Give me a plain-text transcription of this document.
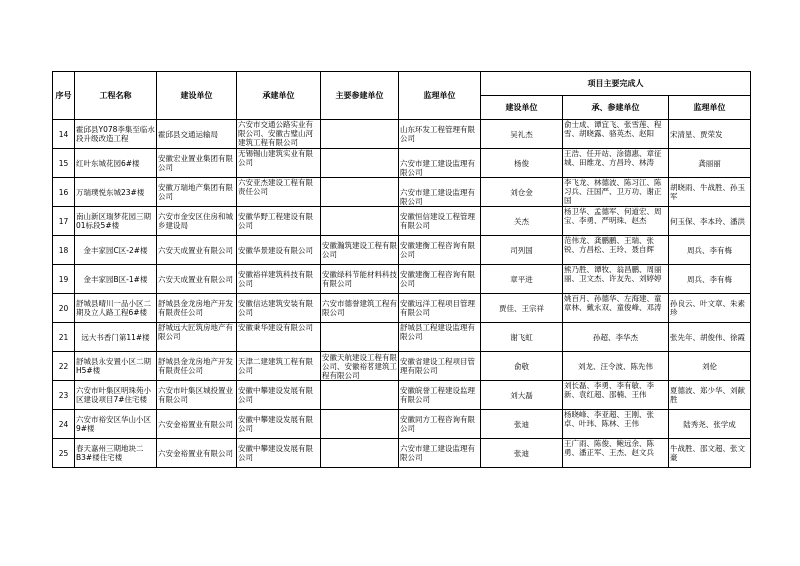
序号	工程名称	建设单位	承建单位	主要参建单位	监理单位	项目主要完成人		
						建设单位	承、参建单位	监理单位
14	霍邱县Y078李集至临水段升级改造工程	霍邱县交通运输局	六安市交通公路实业有限公司、安徽古璧山河建筑工程有限公司		山东环发工程管理有限公司	吴礼杰	俞士成、谭宜飞、张雪莲、程雪、胡晓露、骆英杰、赵阳	宋清星、贾荣发
15	红叶东城花园6#楼	安徽宏业置业集团有限公司	无锡锡山建筑实业有限公司		六安市建工建设监理有限公司	杨俊	王浩、任开站、涂德惠、章征城、田维龙、方昌玲、林涛	龚丽丽
16	万瑞璞悦东城23#楼	安徽万瑞地产集团有限公司	六安亚杰建设工程有限责任公司		六安市建工建设监理有限公司	刘仓金	李飞龙、林德波、陈习江、陈习兵、汪国严、卫万功、谢正国	胡晓雨、牛战胜、孙玉军
17	南山新区瑞梦花园三期01标段5#楼	六安市金安区住房和城乡建设局	安徽华野工程建设有限公司		安徽恒信建设工程管理有限公司	关杰	杨卫华、孟德军、何道宏、周宝、李勇、严明珠、赵杰	何玉保、李本玲、潘洪
18	金丰家园C区-2#楼	六安天成置业有限公司	安徽华景建设有限公司	安徽瀚筑建设工程有限公司	安徽建衡工程咨询有限公司	司列国	范伟龙、龚鹏鹏、王瑞、张锐、方昌松、王玲、聂自辉	周兵、李有梅
19	金丰家园B区-1#楼	六安天成置业有限公司	安徽裕祥建筑科技有限公司	安徽绿科节能材料科技有限公司	安徽建衡工程咨询有限公司	章平进	熊乃胜、谭牧、翁昌鹏、周丽丽、卫文杰、许友先、刘婷婷	周兵、李有梅
20	舒城县晴川一品小区二期及立人路工程6#楼	舒城县金龙房地产开发有限责任公司	安徽信达建筑安装有限公司	六安市德誉建筑工程有限公司	安徽远洋工程项目管理有限公司	贾佳、王宗祥	姚百月、孙德华、左海建、童章林、戴永双、童俊峰、邓涛	孙良云、叶文章、朱素珍
21	远大书香门第11#楼	舒城远大匠筑房地产有限公司	安徽秉华建设有限公司		舒城县工程建设监理有限公司	谢飞虹	孙超、李华杰	张先年、胡俊伟、徐霞
22	舒城县永安置小区二期H5#楼	舒城县金龙房地产开发有限责任公司	天津二建建筑工程有限公司	安徽天航建设工程有限公司、安徽裕茗建筑工程有限公司	安徽省建设工程项目管理有限公司	俞敬	刘龙、汪令波、陈先伟	刘伦
23	六安市叶集区明珠苑小区建设项目7#住宅楼	六安市叶集区城投置业有限公司	安徽中攀建设发展有限公司		安徽皖誉工程建设监理有限公司	刘大磊	刘长磊、李勇、李有敏、李新、袁红超、邵楠、王伟	夏德波、郑少华、刘献胜
24	六安市裕安区华山小区9#楼	六安金裕置业有限公司	安徽中攀建设发展有限公司		安徽同方工程咨询有限公司	张迪	杨晓峰、李亚超、王刚、张卓、叶玮、陈林、王伟	陆秀尧、张学成
25	春天嘉州三期地块二B3#楼住宅楼	六安金裕置业有限公司	安徽中攀建设发展有限公司		六安市建工建设监理有限公司	张迪	王广雨、陈俊、鲍远余、陈勇、潘正军、王杰、赵文兵	牛战胜、邵文超、张文豪
